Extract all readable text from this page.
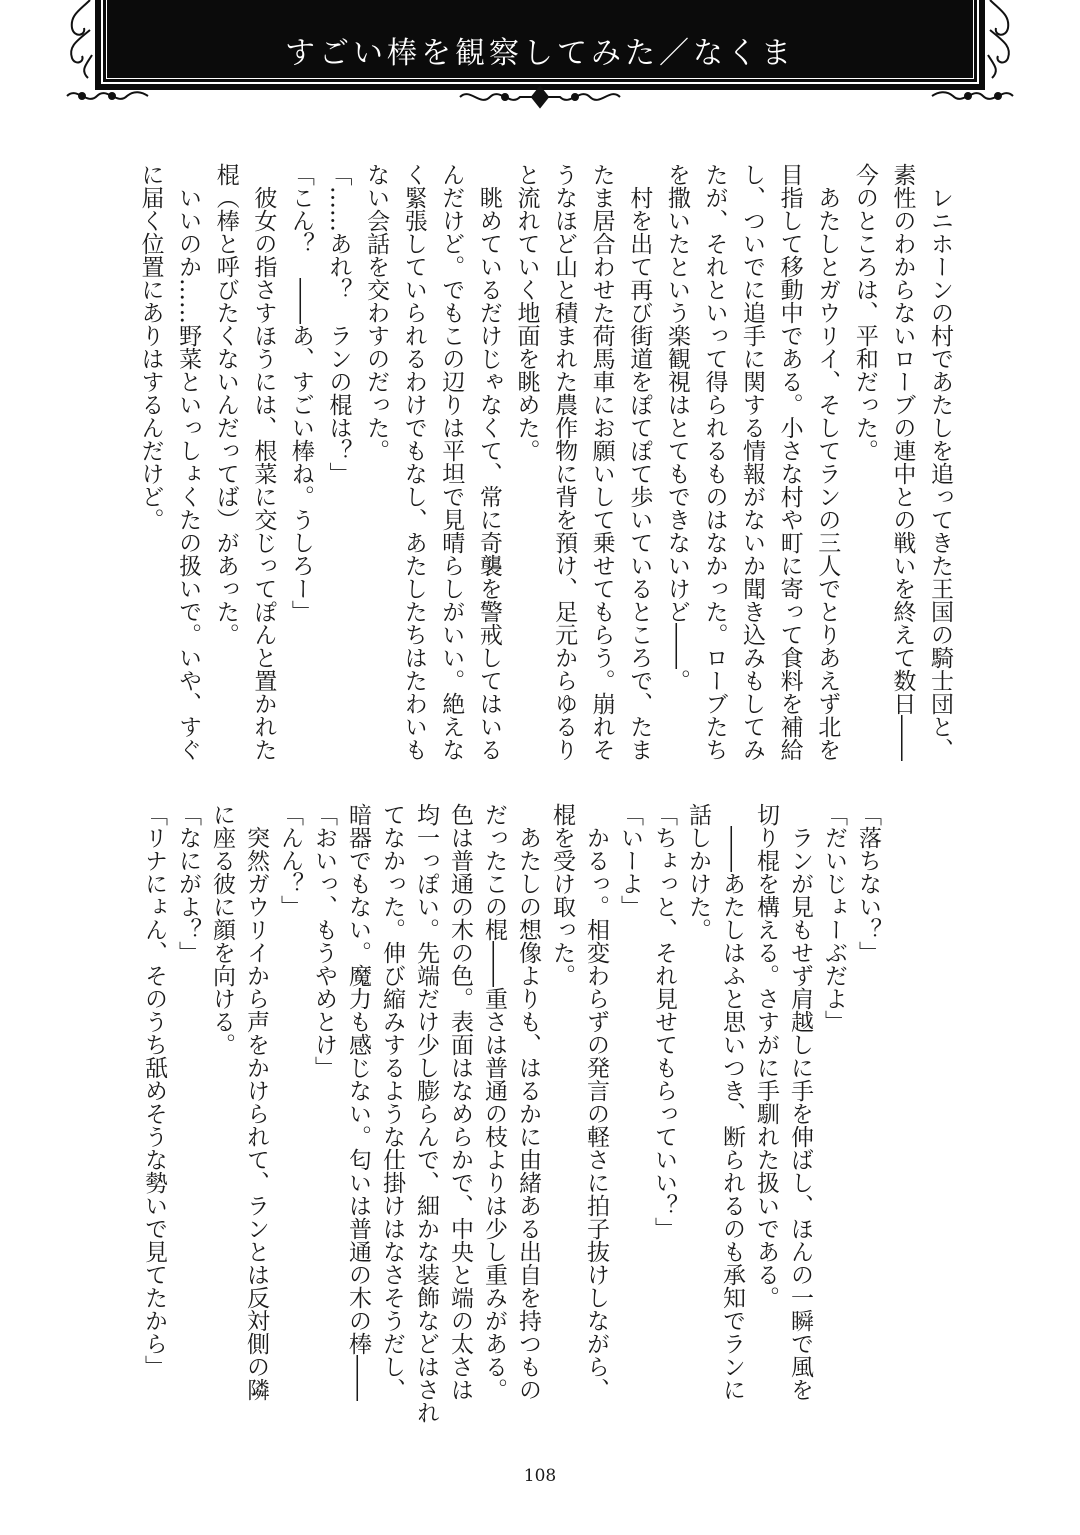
すごい棒を観察してみた／なくま
　レニホーンの村であたしを追ってきた王国の騎士団と、
素性のわからないローブの連中との戦いを終えて数日――
今のところは、平和だった。
　あたしとガウリイ、そしてランの三人でとりあえず北を
目指して移動中である。小さな村や町に寄って食料を補給
し、ついでに追手に関する情報がないか聞き込みもしてみ
たが、それといって得られるものはなかった。ローブたち
を撒いたという楽観視はとてもできないけど――。
　村を出て再び街道をぽてぽて歩いているところで、たま
たま居合わせた荷馬車にお願いして乗せてもらう。崩れそ
うなほど山と積まれた農作物に背を預け、足元からゆるり
と流れていく地面を眺めた。
　眺めているだけじゃなくて、常に奇襲を警戒してはいる
んだけど。でもこの辺りは平坦で見晴らしがいい。絶えな
く緊張していられるわけでもなし、あたしたちはたわいも
ない会話を交わすのだった。
「……あれ？　ランの棍は？」
「こん？　――あ、すごい棒ね。うしろー」
　彼女の指さすほうには、根菜に交じってぽんと置かれた
棍（棒と呼びたくないんだってば）があった。
　いいのか……野菜といっしょくたの扱いで。いや、すぐ
に届く位置にありはするんだけど。
「落ちない？」
「だいじょーぶだよ」
　ランが見もせず肩越しに手を伸ばし、ほんの一瞬で風を
切り棍を構える。さすがに手馴れた扱いである。
　――あたしはふと思いつき、断られるのも承知でランに
話しかけた。
「ちょっと、それ見せてもらっていい？」
「いーよ」
　かるっ。相変わらずの発言の軽さに拍子抜けしながら、
棍を受け取った。
　あたしの想像よりも、はるかに由緒ある出自を持つもの
だったこの棍――重さは普通の枝よりは少し重みがある。
色は普通の木の色。表面はなめらかで、中央と端の太さは
均一っぽい。先端だけ少し膨らんで、細かな装飾などはされ
てなかった。伸び縮みするような仕掛けはなさそうだし、
暗器でもない。魔力も感じない。匂いは普通の木の棒――
「おいっ、もうやめとけ」
「んん？」
　突然ガウリイから声をかけられて、ランとは反対側の隣
に座る彼に顔を向ける。
「なにがよ？」
「リナにょん、そのうち舐めそうな勢いで見てたから」
108
